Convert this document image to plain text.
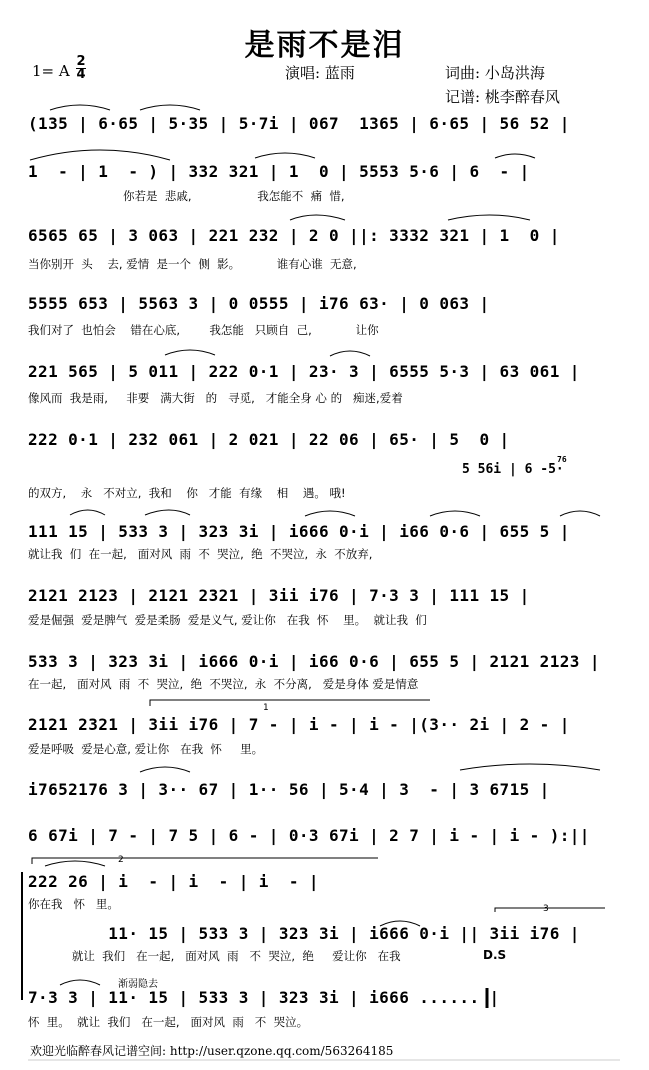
是雨不是泪
1= A
2
4	演唱: 蓝雨	词曲: 小岛洪海
记谱: 桃李醉春风
(135 | 6·65 | 5·35 | 5·7i | 067  1365 | 6·65 | 56 52 |
1  - | 1  - ) | 332 321 | 1  0 | 5553 5·6 | 6  - |
你若是  悲戚,                  我怎能不  痛  惜,
6565 65 | 3 063 | 221 232 | 2 0 ||: 3332 321 | 1  0 |
当你别开  头    去, 爱情  是一个  侧  影。          谁有心谁  无意,
5555 653 | 5563 3 | 0 0555 | i76 63· | 0 063 |
我们对了  也怕会    错在心底,        我怎能   只顾自  己,            让你
221 565 | 5 011 | 222 0·1 | 23· 3 | 6555 5·3 | 63 061 |
像风而  我是雨,     非要   满大街   的   寻觅,   才能全身 心 的   痴迷,爱着
222 0·1 | 232 061 | 2 021 | 22 06 | 65· | 5  0 |
111 15 | 533 3 | 323 3i | i666 0·i | i66 0·6 | 655 5 |
就让我  们  在一起,   面对风  雨  不  哭泣,  绝  不哭泣,  永  不放弃,
2121 2123 | 2121 2321 | 3ii i76 | 7·3 3 | 111 15 |
爱是倔强  爱是脾气  爱是柔肠  爱是义气, 爱让你   在我  怀    里。  就让我  们
533 3 | 323 3i | i666 0·i | i66 0·6 | 655 5 | 2121 2123 |
在一起,   面对风  雨  不  哭泣,  绝  不哭泣,  永  不分离,   爱是身体 爱是情意
2121 2321 | 3ii i76 | 7 - | i - | i - |(3·· 2i | 2 - |
爱是呼吸  爱是心意, 爱让你   在我  怀     里。
i7652176 3 | 3·· 67 | 1·· 56 | 5·4 | 3  - | 3 6715 |
6 67i | 7 - | 7 5 | 6 - | 0·3 67i | 2 7 | i - | i - ):||
222 26 | i  - | i  - | i  - |
你在我   怀   里。
11· 15 | 533 3 | 323 3i | i666 0·i || 3ii i76 |
就让  我们   在一起,   面对风  雨   不  哭泣,  绝     爱让你   在我
7·3 3 | 11· 15 | 533 3 | 323 3i | i666 ...... |
怀  里。  就让  我们   在一起,   面对风  雨   不  哭泣。
5 56i | 6 -5·
76
的双方,    永   不对立,  我和    你   才能  有缘    相    遇。 哦!
渐弱隐去
D.S
1
2
3
欢迎光临醉春风记谱空间: http://user.qzone.qq.com/563264185
